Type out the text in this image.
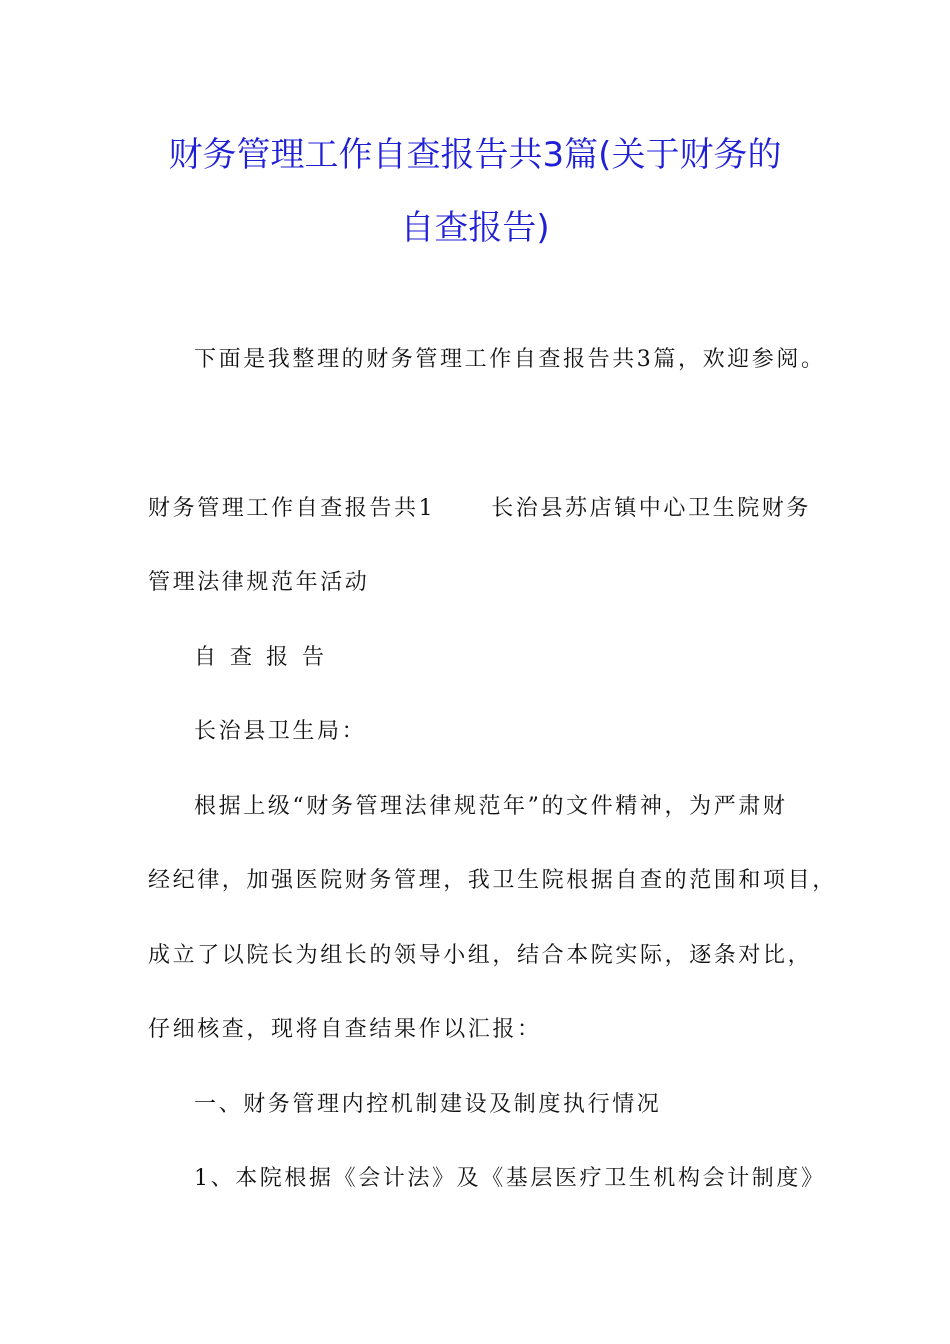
财务管理工作自查报告共3篇(关于财务的
自查报告)
下面是我整理的财务管理工作自查报告共3篇，欢迎参阅。
财务管理工作自查报告共1	长治县苏店镇中心卫生院财务
管理法律规范年活动
自查报告
长治县卫生局：
根据上级“财务管理法律规范年”的文件精神，为严肃财
经纪律，加强医院财务管理，我卫生院根据自查的范围和项目，
成立了以院长为组长的领导小组，结合本院实际，逐条对比，
仔细核查，现将自查结果作以汇报：
一、财务管理内控机制建设及制度执行情况
1、本院根据《会计法》及《基层医疗卫生机构会计制度》
